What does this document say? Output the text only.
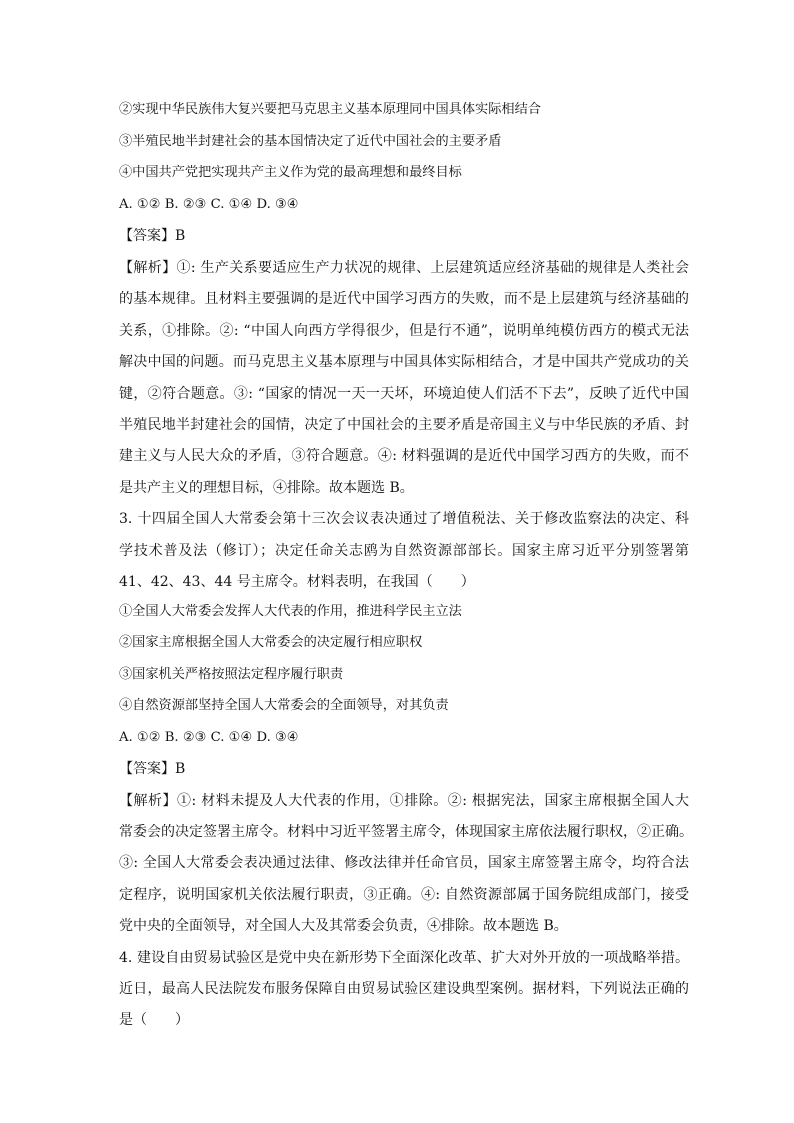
②实现中华民族伟大复兴要把马克思主义基本原理同中国具体实际相结合
③半殖民地半封建社会的基本国情决定了近代中国社会的主要矛盾
④中国共产党把实现共产主义作为党的最高理想和最终目标
A. ①② B. ②③ C. ①④ D. ③④
【答案】B
【解析】①: 生产关系要适应生产力状况的规律、上层建筑适应经济基础的规律是人类社会
的基本规律。且材料主要强调的是近代中国学习西方的失败，而不是上层建筑与经济基础的
关系，①排除。②: “中国人向西方学得很少，但是行不通”，说明单纯模仿西方的模式无法
解决中国的问题。而马克思主义基本原理与中国具体实际相结合，才是中国共产党成功的关
键，②符合题意。③: “国家的情况一天一天坏，环境迫使人们活不下去”，反映了近代中国
半殖民地半封建社会的国情，决定了中国社会的主要矛盾是帝国主义与中华民族的矛盾、封
建主义与人民大众的矛盾，③符合题意。④: 材料强调的是近代中国学习西方的失败，而不
是共产主义的理想目标，④排除。故本题选 B。
3. 十四届全国人大常委会第十三次会议表决通过了增值税法、关于修改监察法的决定、科
学技术普及法（修订）；决定任命关志鸥为自然资源部部长。国家主席习近平分别签署第
41、42、43、44 号主席令。材料表明，在我国（　　）
①全国人大常委会发挥人大代表的作用，推进科学民主立法
②国家主席根据全国人大常委会的决定履行相应职权
③国家机关严格按照法定程序履行职责
④自然资源部坚持全国人大常委会的全面领导，对其负责
A. ①② B. ②③ C. ①④ D. ③④
【答案】B
【解析】①: 材料未提及人大代表的作用，①排除。②: 根据宪法，国家主席根据全国人大
常委会的决定签署主席令。材料中习近平签署主席令，体现国家主席依法履行职权，②正确。
③: 全国人大常委会表决通过法律、修改法律并任命官员，国家主席签署主席令，均符合法
定程序，说明国家机关依法履行职责，③正确。④: 自然资源部属于国务院组成部门，接受
党中央的全面领导，对全国人大及其常委会负责，④排除。故本题选 B。
4. 建设自由贸易试验区是党中央在新形势下全面深化改革、扩大对外开放的一项战略举措。
近日，最高人民法院发布服务保障自由贸易试验区建设典型案例。据材料，下列说法正确的
是（　　）
